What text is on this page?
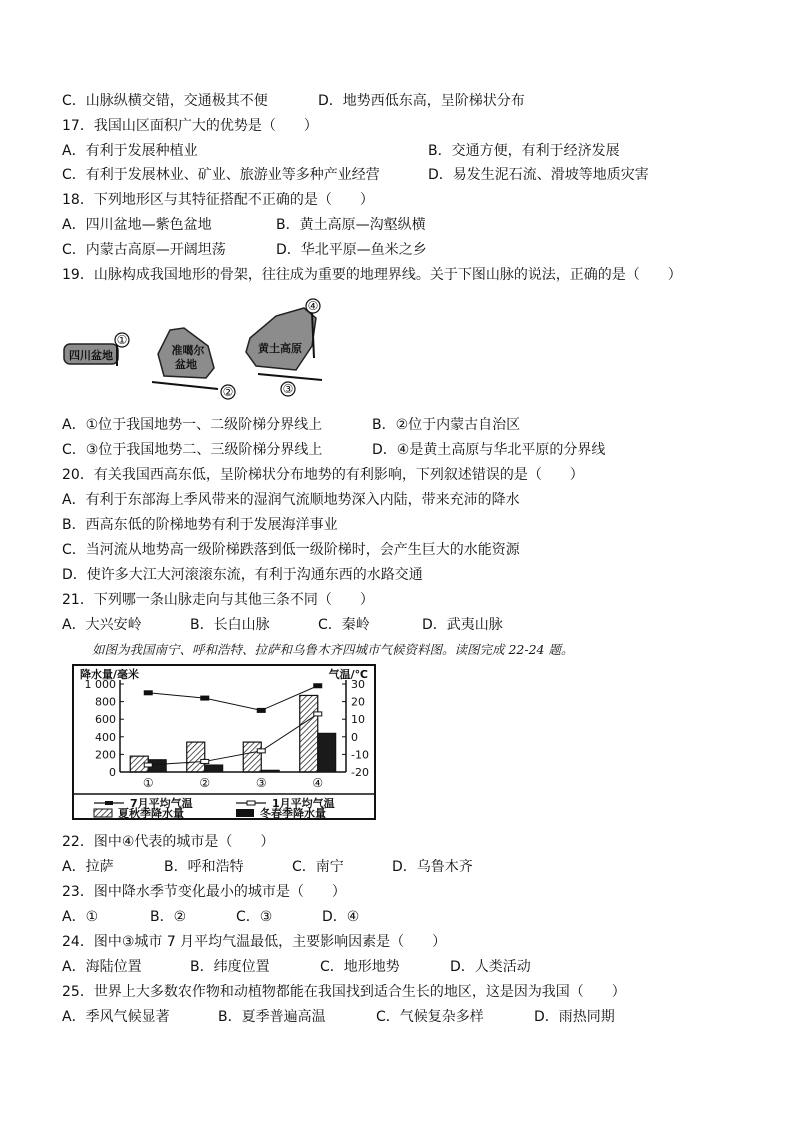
C．山脉纵横交错，交通极其不便	D．地势西低东高，呈阶梯状分布
17．我国山区面积广大的优势是（　　）
A．有利于发展种植业	B．交通方便，有利于经济发展
C．有利于发展林业、矿业、旅游业等多种产业经营	D．易发生泥石流、滑坡等地质灾害
18．下列地形区与其特征搭配不正确的是（　　）
A．四川盆地—紫色盆地	B．黄土高原—沟壑纵横
C．内蒙古高原—开阔坦荡	D．华北平原—鱼米之乡
19．山脉构成我国地形的骨架，往往成为重要的地理界线。关于下图山脉的说法，正确的是（　　）
四川盆地
①
准噶尔
盆地
②
黄土高原
④
③
A．①位于我国地势一、二级阶梯分界线上	B．②位于内蒙古自治区
C．③位于我国地势二、三级阶梯分界线上	D．④是黄土高原与华北平原的分界线
20．有关我国西高东低，呈阶梯状分布地势的有利影响，下列叙述错误的是（　　）
A．有利于东部海上季风带来的湿润气流顺地势深入内陆，带来充沛的降水
B．西高东低的阶梯地势有利于发展海洋事业
C．当河流从地势高一级阶梯跌落到低一级阶梯时，会产生巨大的水能资源
D．使许多大江大河滚滚东流，有利于沟通东西的水路交通
21．下列哪一条山脉走向与其他三条不同（　　）
A．大兴安岭	B．长白山脉	C．秦岭	D．武夷山脉
如图为我国南宁、呼和浩特、拉萨和乌鲁木齐四城市气候资料图。读图完成 22-24 题。
降水量/毫米	气温/℃
0
200
400
600
800
1 000
-20
-10
0
10
20
30
①	②	③	④
7月平均气温	1月平均气温
夏秋季降水量	冬春季降水量
22．图中④代表的城市是（　　）
A．拉萨	B．呼和浩特	C．南宁	D．乌鲁木齐
23．图中降水季节变化最小的城市是（　　）
A．①	B．②	C．③	D．④
24．图中③城市 7 月平均气温最低，主要影响因素是（　　）
A．海陆位置	B．纬度位置	C．地形地势	D．人类活动
25．世界上大多数农作物和动植物都能在我国找到适合生长的地区，这是因为我国（　　）
A．季风气候显著	B．夏季普遍高温	C．气候复杂多样	D．雨热同期
